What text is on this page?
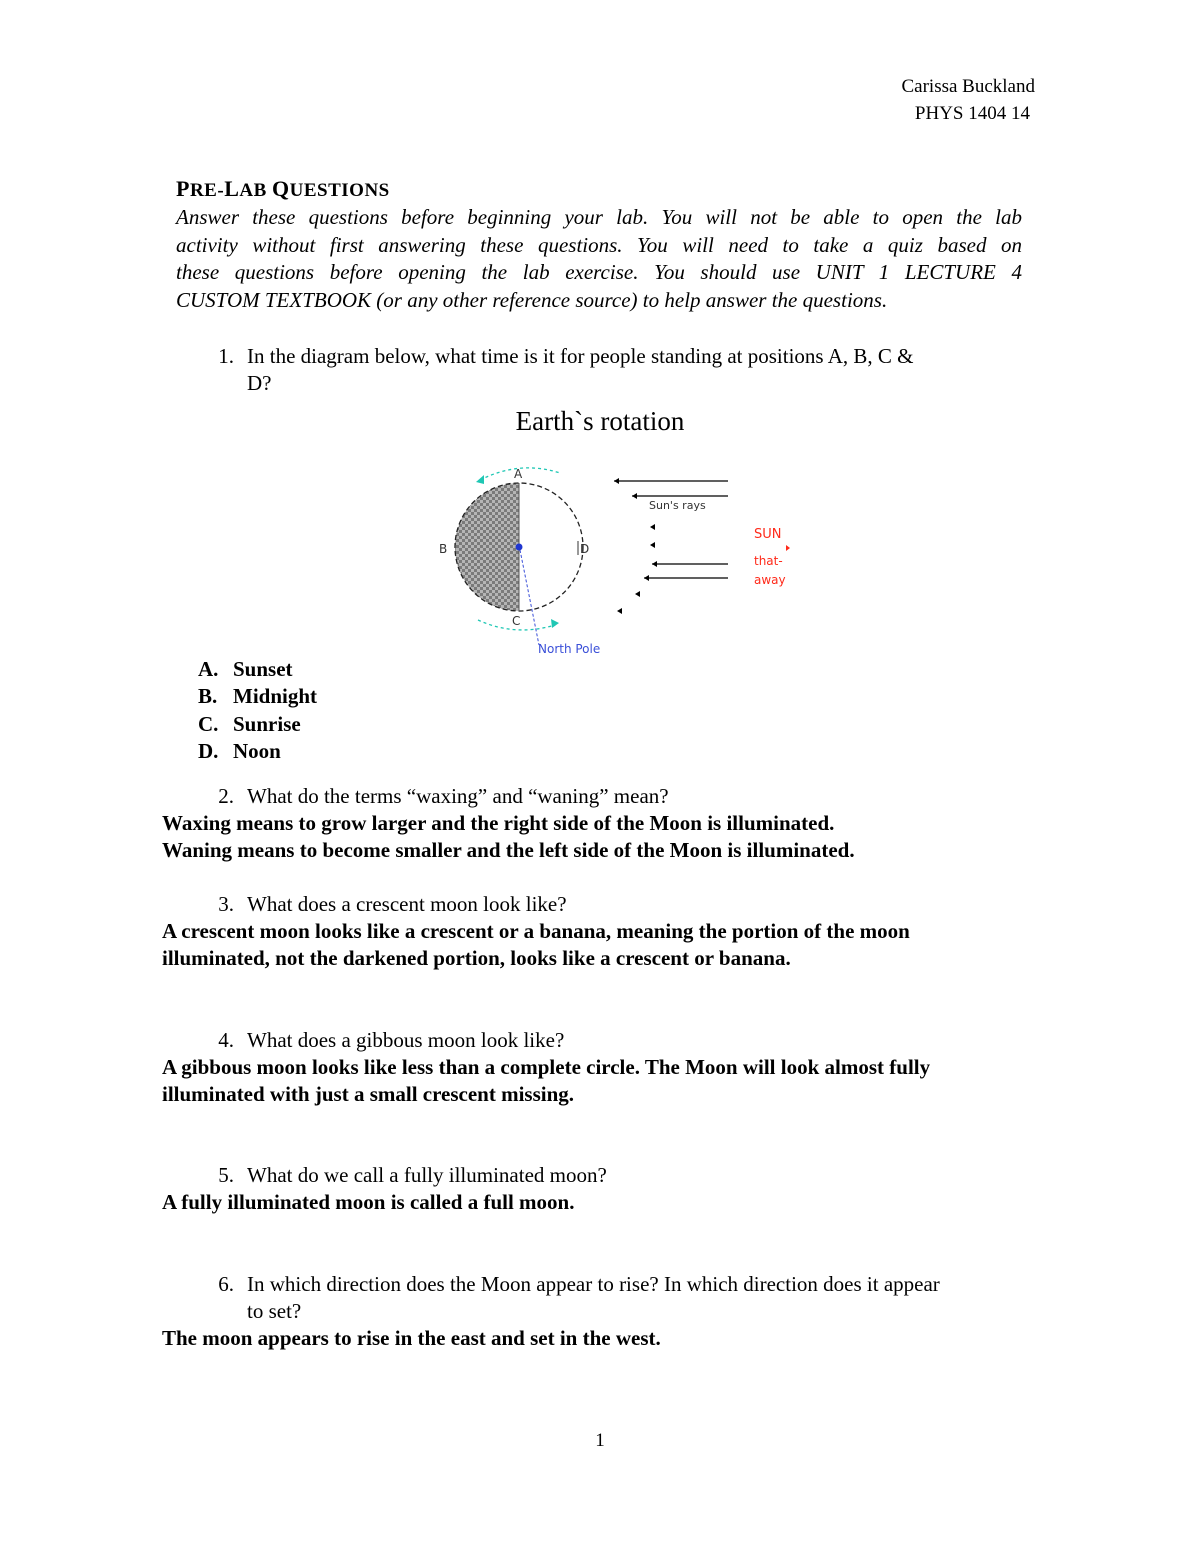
Carissa Buckland
PHYS 1404 14
PRE-LAB QUESTIONS
Answer these questions before beginning your lab. You will not be able to open the lab
activity without first answering these questions. You will need to take a quiz based on
these questions before opening the lab exercise. You should use UNIT 1 LECTURE 4
CUSTOM TEXTBOOK (or any other reference source) to help answer the questions.
1. In the diagram below, what time is it for people standing at positions A, B, C &
D?
Earth`s rotation
A
B
C
D
Sun's rays
SUN
that-
away
North Pole
A. Sunset
B. Midnight
C. Sunrise
D. Noon
2. What do the terms “waxing” and “waning” mean?
Waxing means to grow larger and the right side of the Moon is illuminated.
Waning means to become smaller and the left side of the Moon is illuminated.
3. What does a crescent moon look like?
A crescent moon looks like a crescent or a banana, meaning the portion of the moon
illuminated, not the darkened portion, looks like a crescent or banana.
4. What does a gibbous moon look like?
A gibbous moon looks like less than a complete circle. The Moon will look almost fully
illuminated with just a small crescent missing.
5. What do we call a fully illuminated moon?
A fully illuminated moon is called a full moon.
6. In which direction does the Moon appear to rise? In which direction does it appear
to set?
The moon appears to rise in the east and set in the west.
1
